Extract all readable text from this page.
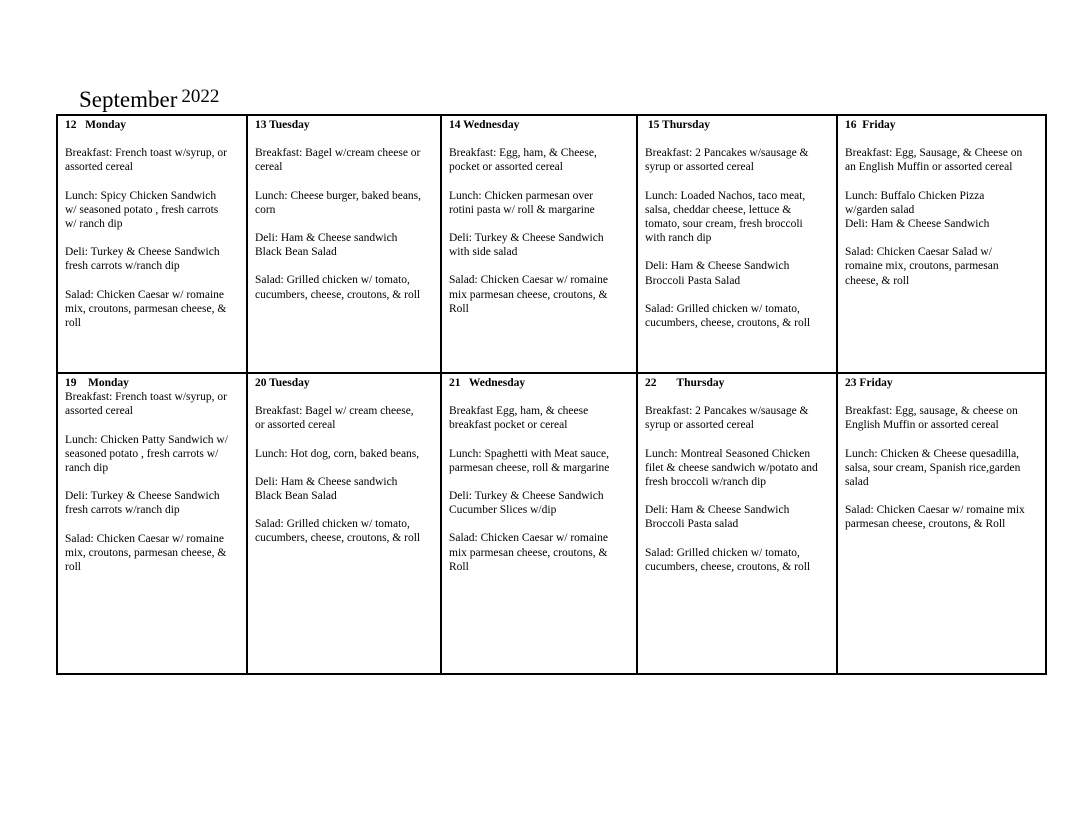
September $^{2022}$
12   Monday
Breakfast: French toast w/syrup, or assorted cereal
Lunch: Spicy Chicken Sandwich
w/ seasoned potato , fresh carrots
w/ ranch dip
Deli: Turkey & Cheese Sandwich
fresh carrots w/ranch dip
Salad: Chicken Caesar w/ romaine
mix, croutons, parmesan cheese, &
roll
13 Tuesday
Breakfast: Bagel w/cream cheese or
cereal
Lunch: Cheese burger, baked beans,
corn
Deli: Ham & Cheese sandwich
Black Bean Salad
Salad: Grilled chicken w/ tomato,
cucumbers, cheese, croutons, & roll
14 Wednesday
Breakfast: Egg, ham, & Cheese,
pocket or assorted cereal
Lunch: Chicken parmesan over
rotini pasta w/ roll & margarine
Deli: Turkey & Cheese Sandwich
with side salad
Salad: Chicken Caesar w/ romaine
mix parmesan cheese, croutons, &
Roll
15 Thursday
Breakfast: 2 Pancakes w/sausage &
syrup or assorted cereal
Lunch: Loaded Nachos, taco meat,
salsa, cheddar cheese, lettuce &
tomato, sour cream, fresh broccoli
with ranch dip
Deli: Ham & Cheese Sandwich
Broccoli Pasta Salad
Salad: Grilled chicken w/ tomato,
cucumbers, cheese, croutons, & roll
16  Friday
Breakfast: Egg, Sausage, & Cheese on
an English Muffin or assorted cereal
Lunch: Buffalo Chicken Pizza
w/garden salad
Deli: Ham & Cheese Sandwich
Salad: Chicken Caesar Salad w/
romaine mix, croutons, parmesan
cheese, & roll
19    Monday
Breakfast: French toast w/syrup, or
assorted cereal
Lunch: Chicken Patty Sandwich w/
seasoned potato , fresh carrots w/
ranch dip
Deli: Turkey & Cheese Sandwich
fresh carrots w/ranch dip
Salad: Chicken Caesar w/ romaine
mix, croutons, parmesan cheese, &
roll
20 Tuesday
Breakfast: Bagel w/ cream cheese,
or assorted cereal
Lunch: Hot dog, corn, baked beans,
Deli: Ham & Cheese sandwich
Black Bean Salad
Salad: Grilled chicken w/ tomato,
cucumbers, cheese, croutons, & roll
21   Wednesday
Breakfast Egg, ham, & cheese
breakfast pocket or cereal
Lunch: Spaghetti with Meat sauce,
parmesan cheese, roll & margarine
Deli: Turkey & Cheese Sandwich
Cucumber Slices w/dip
Salad: Chicken Caesar w/ romaine
mix parmesan cheese, croutons, &
Roll
22       Thursday
Breakfast: 2 Pancakes w/sausage &
syrup or assorted cereal
Lunch: Montreal Seasoned Chicken
filet & cheese sandwich w/potato and
fresh broccoli w/ranch dip
Deli: Ham & Cheese Sandwich
Broccoli Pasta salad
Salad: Grilled chicken w/ tomato,
cucumbers, cheese, croutons, & roll
23 Friday
Breakfast: Egg, sausage, & cheese on
English Muffin or assorted cereal
Lunch: Chicken & Cheese quesadilla,
salsa, sour cream, Spanish rice,garden
salad
Salad: Chicken Caesar w/ romaine mix
parmesan cheese, croutons, & Roll
